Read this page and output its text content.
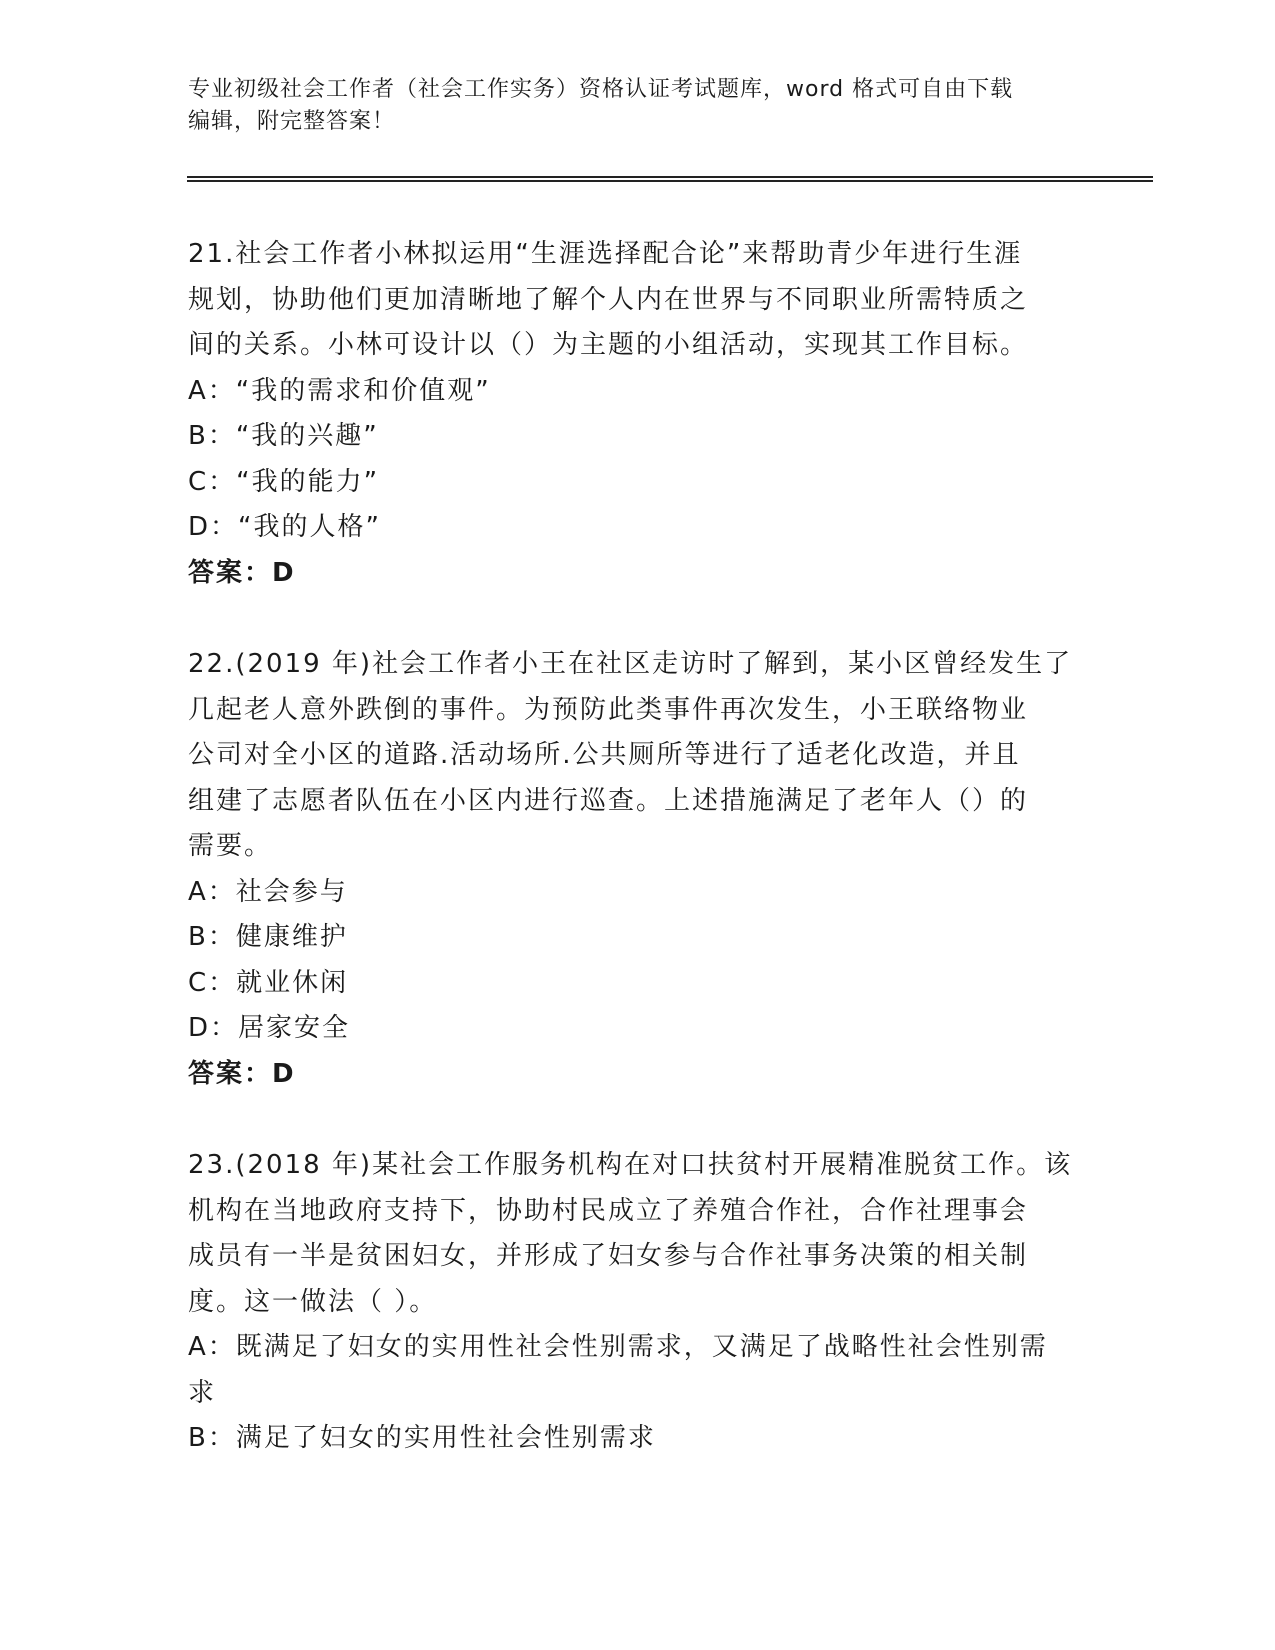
专业初级社会工作者（社会工作实务）资格认证考试题库，word 格式可自由下载
编辑，附完整答案！

21.社会工作者小林拟运用“生涯选择配合论”来帮助青少年进行生涯

规划，协助他们更加清晰地了解个人内在世界与不同职业所需特质之

间的关系。小林可设计以（）为主题的小组活动，实现其工作目标。

A：“我的需求和价值观”

B：“我的兴趣”

C：“我的能力”

D：“我的人格”

答案：D

22.(2019 年)社会工作者小王在社区走访时了解到，某小区曾经发生了

几起老人意外跌倒的事件。为预防此类事件再次发生，小王联络物业

公司对全小区的道路.活动场所.公共厕所等进行了适老化改造，并且

组建了志愿者队伍在小区内进行巡查。上述措施满足了老年人（）的

需要。

A：社会参与

B：健康维护

C：就业休闲

D：居家安全

答案：D

23.(2018 年)某社会工作服务机构在对口扶贫村开展精准脱贫工作。该

机构在当地政府支持下，协助村民成立了养殖合作社，合作社理事会

成员有一半是贫困妇女，并形成了妇女参与合作社事务决策的相关制

度。这一做法（ ）。

A：既满足了妇女的实用性社会性别需求，又满足了战略性社会性别需

求

B：满足了妇女的实用性社会性别需求
